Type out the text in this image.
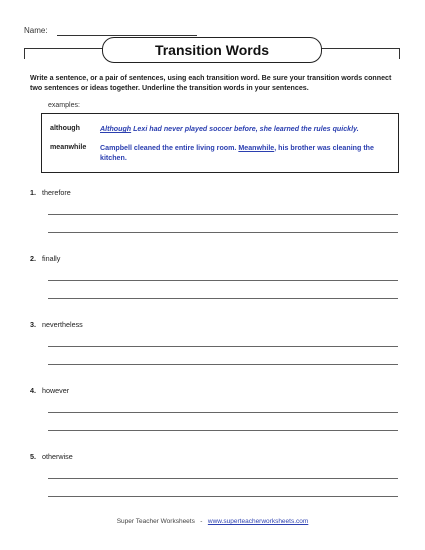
Name:
Transition Words
Write a sentence, or a pair of sentences, using each transition word. Be sure your transition words connect two sentences or ideas together. Underline the transition words in your sentences.
examples:
although	Although Lexi had never played soccer before, she learned the rules quickly.
meanwhile Campbell cleaned the entire living room. Meanwhile, his brother was cleaning the kitchen.
1. therefore
2. finally
3. nevertheless
4. however
5. otherwise
Super Teacher Worksheets - www.superteacherworksheets.com
